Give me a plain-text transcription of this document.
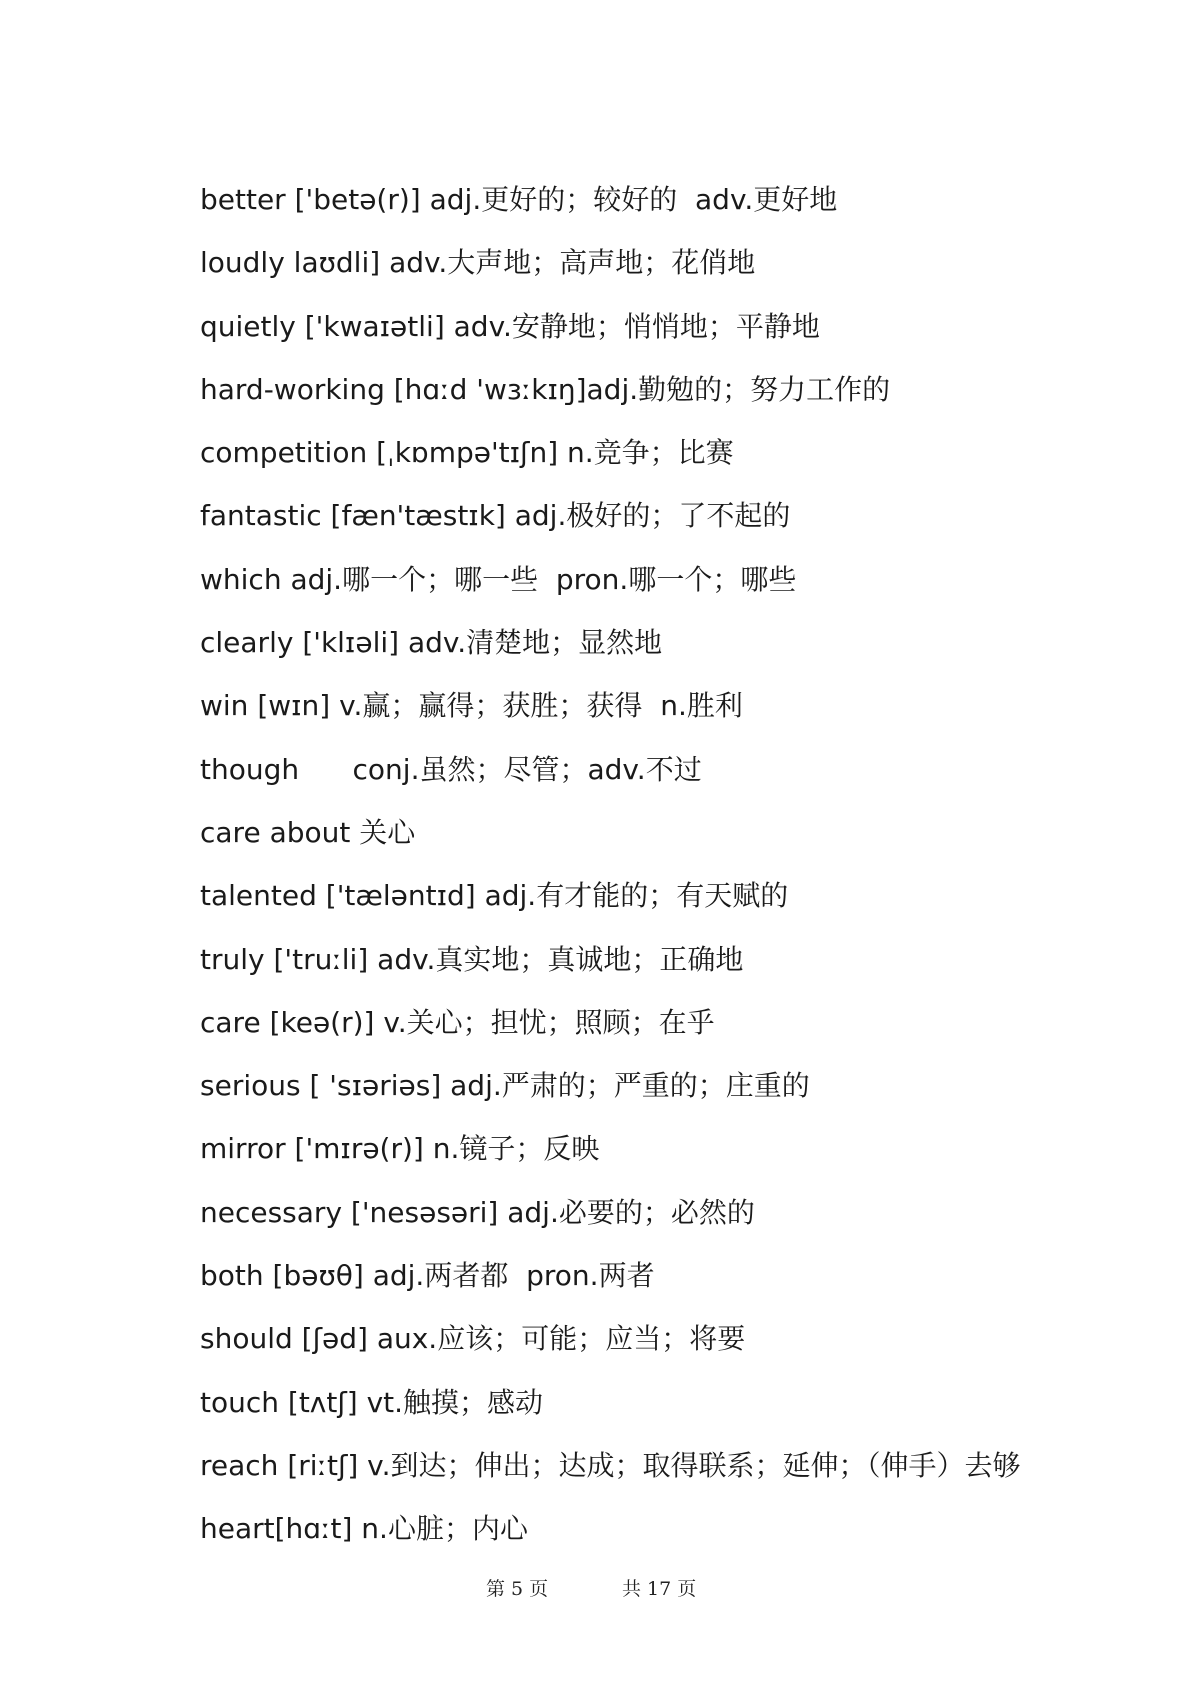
better ['betə(r)] adj.更好的；较好的  adv.更好地
loudly laʊdli] adv.大声地；高声地；花俏地
quietly ['kwaɪətli] adv.安静地；悄悄地；平静地
hard-working [hɑːd 'wɜːkɪŋ]adj.勤勉的；努力工作的
competition [ˌkɒmpə'tɪʃn] n.竞争；比赛
fantastic [fæn'tæstɪk] adj.极好的；了不起的
which adj.哪一个；哪一些  pron.哪一个；哪些
clearly ['klɪəli] adv.清楚地；显然地
win [wɪn] v.赢；赢得；获胜；获得  n.胜利
though      conj.虽然；尽管；adv.不过
care about 关心
talented ['tæləntɪd] adj.有才能的；有天赋的
truly ['truːli] adv.真实地；真诚地；正确地
care [keə(r)] v.关心；担忧；照顾；在乎
serious [ 'sɪəriəs] adj.严肃的；严重的；庄重的
mirror ['mɪrə(r)] n.镜子；反映
necessary ['nesəsəri] adj.必要的；必然的
both [bəʊθ] adj.两者都  pron.两者
should [ʃəd] aux.应该；可能；应当；将要
touch [tʌtʃ] vt.触摸；感动
reach [riːtʃ] v.到达；伸出；达成；取得联系；延伸；（伸手）去够
heart[hɑːt] n.心脏；内心
第 5 页	共 17 页
